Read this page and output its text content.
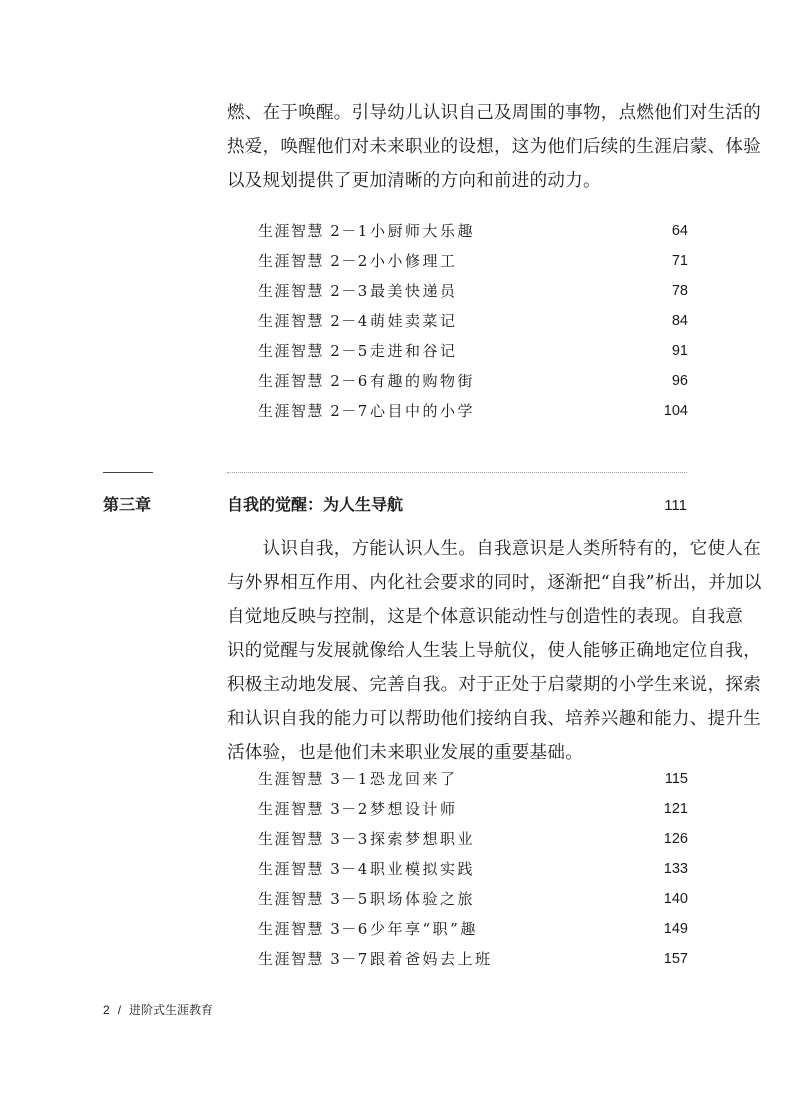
燃、在于唤醒。引导幼儿认识自己及周围的事物，点燃他们对生活的
热爱，唤醒他们对未来职业的设想，这为他们后续的生涯启蒙、体验
以及规划提供了更加清晰的方向和前进的动力。
生涯智慧 2－1 小厨师大乐趣	64
生涯智慧 2－2 小小修理工	71
生涯智慧 2－3 最美快递员	78
生涯智慧 2－4 萌娃卖菜记	84
生涯智慧 2－5 走进和谷记	91
生涯智慧 2－6 有趣的购物街	96
生涯智慧 2－7 心目中的小学	104
第三章	自我的觉醒：为人生导航	111
　　认识自我，方能认识人生。自我意识是人类所特有的，它使人在
与外界相互作用、内化社会要求的同时，逐渐把“自我”析出，并加以
自觉地反映与控制，这是个体意识能动性与创造性的表现。自我意
识的觉醒与发展就像给人生装上导航仪，使人能够正确地定位自我，
积极主动地发展、完善自我。对于正处于启蒙期的小学生来说，探索
和认识自我的能力可以帮助他们接纳自我、培养兴趣和能力、提升生
活体验，也是他们未来职业发展的重要基础。
生涯智慧 3－1 恐龙回来了	115
生涯智慧 3－2 梦想设计师	121
生涯智慧 3－3 探索梦想职业	126
生涯智慧 3－4 职业模拟实践	133
生涯智慧 3－5 职场体验之旅	140
生涯智慧 3－6 少年享“职”趣	149
生涯智慧 3－7 跟着爸妈去上班	157
2 / 进阶式生涯教育
